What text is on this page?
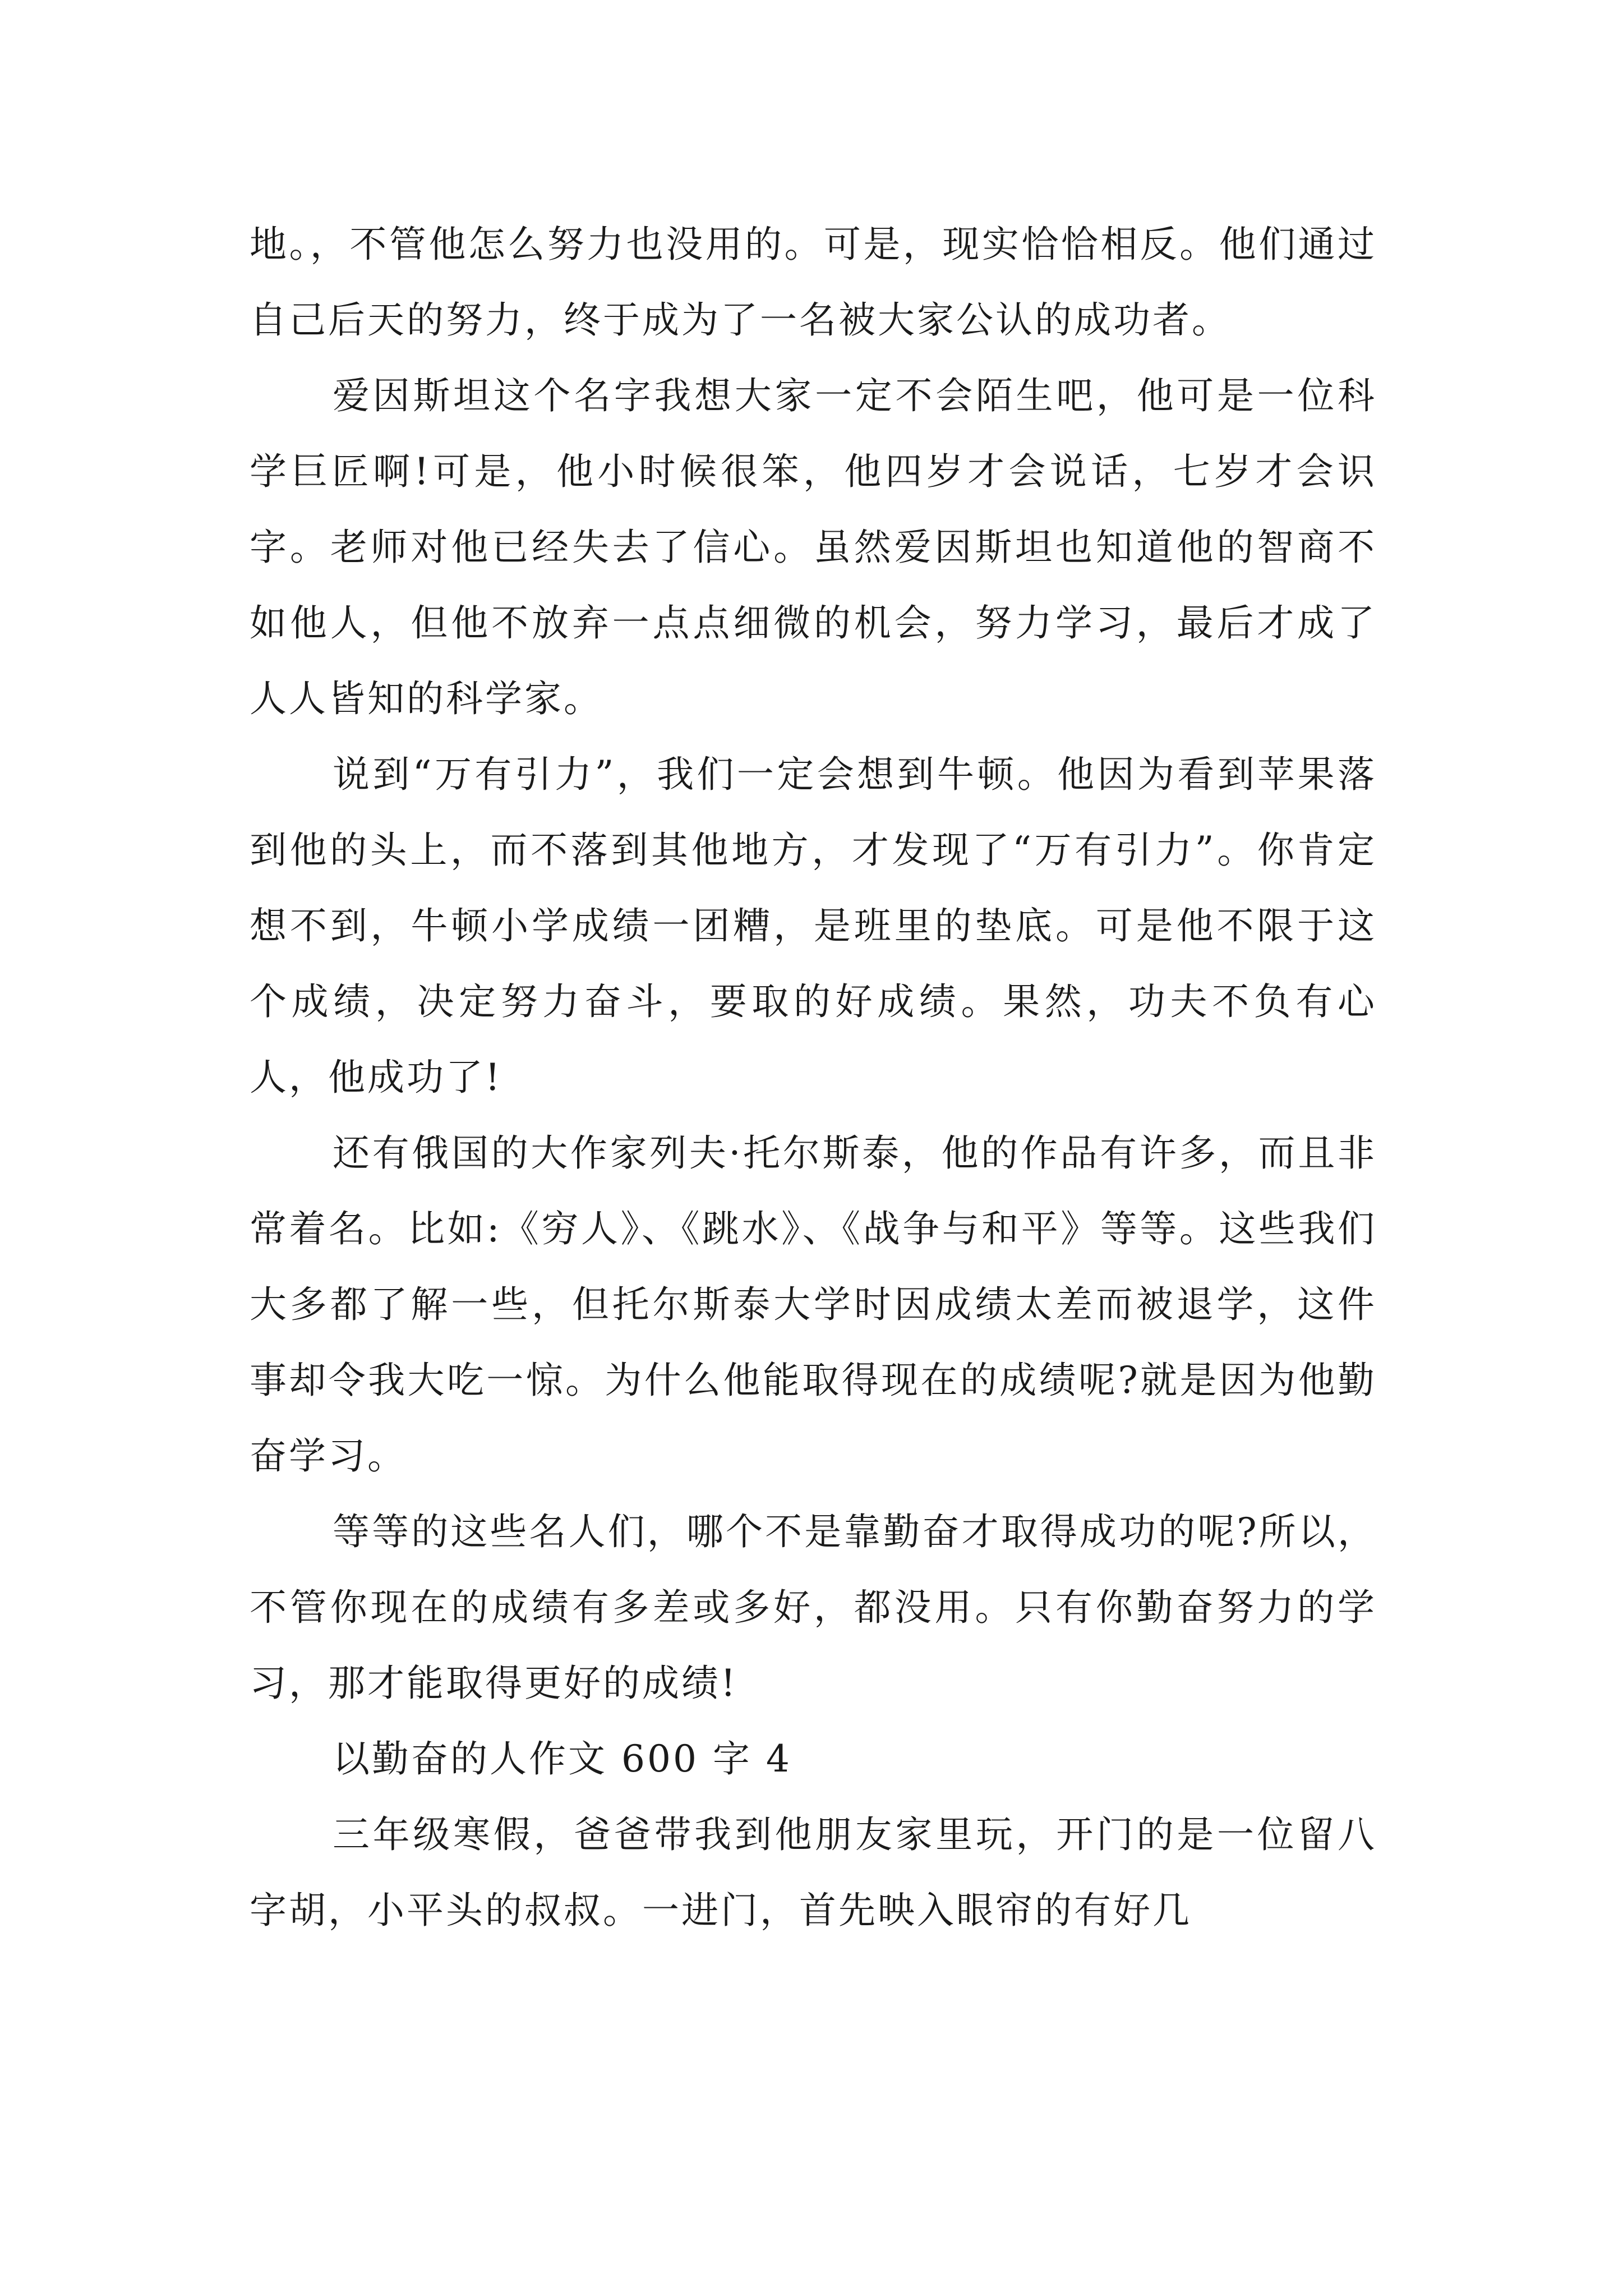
地。，不管他怎么努力也没用的。可是，现实恰恰相反。他们通过自己后天的努力，终于成为了一名被大家公认的成功者。

爱因斯坦这个名字我想大家一定不会陌生吧，他可是一位科学巨匠啊!可是，他小时候很笨，他四岁才会说话，七岁才会识字。老师对他已经失去了信心。虽然爱因斯坦也知道他的智商不如他人，但他不放弃一点点细微的机会，努力学习，最后才成了人人皆知的科学家。

说到“万有引力”，我们一定会想到牛顿。他因为看到苹果落到他的头上，而不落到其他地方，才发现了“万有引力”。你肯定想不到，牛顿小学成绩一团糟，是班里的垫底。可是他不限于这个成绩，决定努力奋斗，要取的好成绩。果然，功夫不负有心人，他成功了!

还有俄国的大作家列夫·托尔斯泰，他的作品有许多，而且非常着名。比如:《穷人》、《跳水》、《战争与和平》等等。这些我们大多都了解一些，但托尔斯泰大学时因成绩太差而被退学，这件事却令我大吃一惊。为什么他能取得现在的成绩呢?就是因为他勤奋学习。

等等的这些名人们，哪个不是靠勤奋才取得成功的呢?所以，不管你现在的成绩有多差或多好，都没用。只有你勤奋努力的学习，那才能取得更好的成绩!

以勤奋的人作文 600 字 4

三年级寒假，爸爸带我到他朋友家里玩，开门的是一位留八字胡，小平头的叔叔。一进门，首先映入眼帘的有好几
